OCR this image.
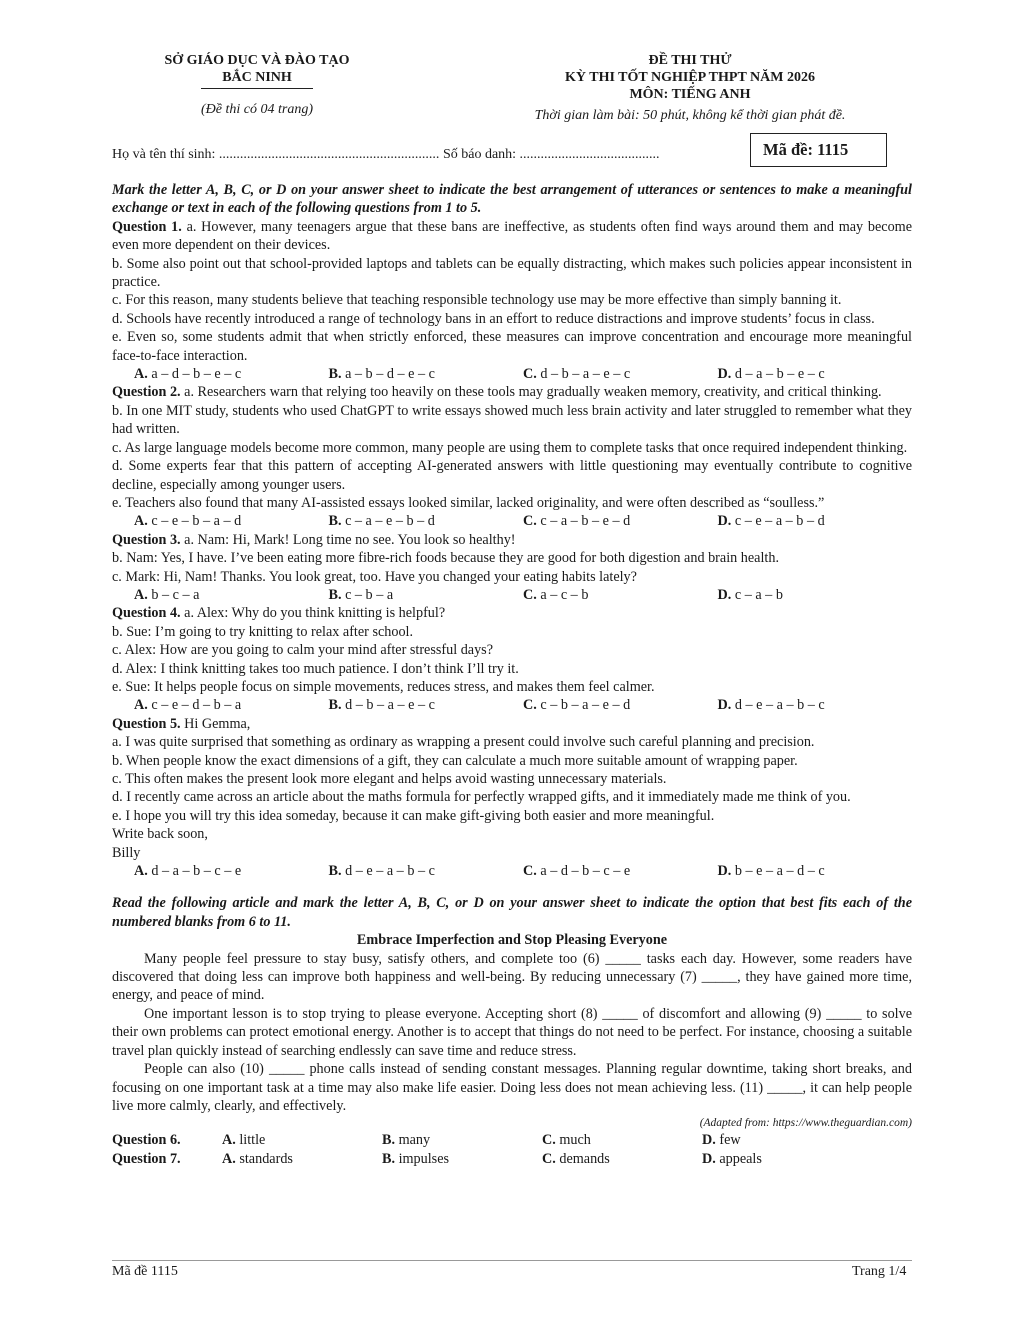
SỞ GIÁO DỤC VÀ ĐÀO TẠO
BẮC NINH
(Đề thi có 04 trang)
ĐỀ THI THỬ
KỲ THI TỐT NGHIỆP THPT NĂM 2026
MÔN: TIẾNG ANH
Thời gian làm bài: 50 phút, không kể thời gian phát đề.
Họ và tên thí sinh: ............................................................... Số báo danh: ........................................	Mã đề: 1115

Mark the letter A, B, C, or D on your answer sheet to indicate the best arrangement of utterances or sentences to make a meaningful exchange or text in each of the following questions from 1 to 5.

Question 1. a. However, many teenagers argue that these bans are ineffective, as students often find ways around them and may become even more dependent on their devices.

b. Some also point out that school-provided laptops and tablets can be equally distracting, which makes such policies appear inconsistent in practice.

c. For this reason, many students believe that teaching responsible technology use may be more effective than simply banning it.

d. Schools have recently introduced a range of technology bans in an effort to reduce distractions and improve students’ focus in class.

e. Even so, some students admit that when strictly enforced, these measures can improve concentration and encourage more meaningful face-to-face interaction.

A. a – d – b – e – c	B. a – b – d – e – c	C. d – b – a – e – c	D. d – a – b – e – c

Question 2. a. Researchers warn that relying too heavily on these tools may gradually weaken memory, creativity, and critical thinking.

b. In one MIT study, students who used ChatGPT to write essays showed much less brain activity and later struggled to remember what they had written.

c. As large language models become more common, many people are using them to complete tasks that once required independent thinking.

d. Some experts fear that this pattern of accepting AI-generated answers with little questioning may eventually contribute to cognitive decline, especially among younger users.

e. Teachers also found that many AI-assisted essays looked similar, lacked originality, and were often described as “soulless.”

A. c – e – b – a – d	B. c – a – e – b – d	C. c – a – b – e – d	D. c – e – a – b – d

Question 3. a. Nam: Hi, Mark! Long time no see. You look so healthy!

b. Nam: Yes, I have. I’ve been eating more fibre-rich foods because they are good for both digestion and brain health.

c. Mark: Hi, Nam! Thanks. You look great, too. Have you changed your eating habits lately?

A. b – c – a	B. c – b – a	C. a – c – b	D. c – a – b

Question 4. a. Alex: Why do you think knitting is helpful?

b. Sue: I’m going to try knitting to relax after school.

c. Alex: How are you going to calm your mind after stressful days?

d. Alex: I think knitting takes too much patience. I don’t think I’ll try it.

e. Sue: It helps people focus on simple movements, reduces stress, and makes them feel calmer.

A. c – e – d – b – a	B. d – b – a – e – c	C. c – b – a – e – d	D. d – e – a – b – c

Question 5. Hi Gemma,

a. I was quite surprised that something as ordinary as wrapping a present could involve such careful planning and precision.

b. When people know the exact dimensions of a gift, they can calculate a much more suitable amount of wrapping paper.

c. This often makes the present look more elegant and helps avoid wasting unnecessary materials.

d. I recently came across an article about the maths formula for perfectly wrapped gifts, and it immediately made me think of you.

e. I hope you will try this idea someday, because it can make gift-giving both easier and more meaningful.

Write back soon,

Billy

A. d – a – b – c – e	B. d – e – a – b – c	C. a – d – b – c – e	D. b – e – a – d – c

Read the following article and mark the letter A, B, C, or D on your answer sheet to indicate the option that best fits each of the numbered blanks from 6 to 11.

Embrace Imperfection and Stop Pleasing Everyone

Many people feel pressure to stay busy, satisfy others, and complete too (6) _____ tasks each day. However, some readers have discovered that doing less can improve both happiness and well-being. By reducing unnecessary (7) _____, they have gained more time, energy, and peace of mind.

One important lesson is to stop trying to please everyone. Accepting short (8) _____ of discomfort and allowing (9) _____ to solve their own problems can protect emotional energy. Another is to accept that things do not need to be perfect. For instance, choosing a suitable travel plan quickly instead of searching endlessly can save time and reduce stress.

People can also (10) _____ phone calls instead of sending constant messages. Planning regular downtime, taking short breaks, and focusing on one important task at a time may also make life easier. Doing less does not mean achieving less. (11) _____, it can help people live more calmly, clearly, and effectively.

(Adapted from: https://www.theguardian.com)

Question 6.	A. little	B. many	C. much	D. few
Question 7.	A. standards	B. impulses	C. demands	D. appeals
Mã đề 1115	Trang 1/4
